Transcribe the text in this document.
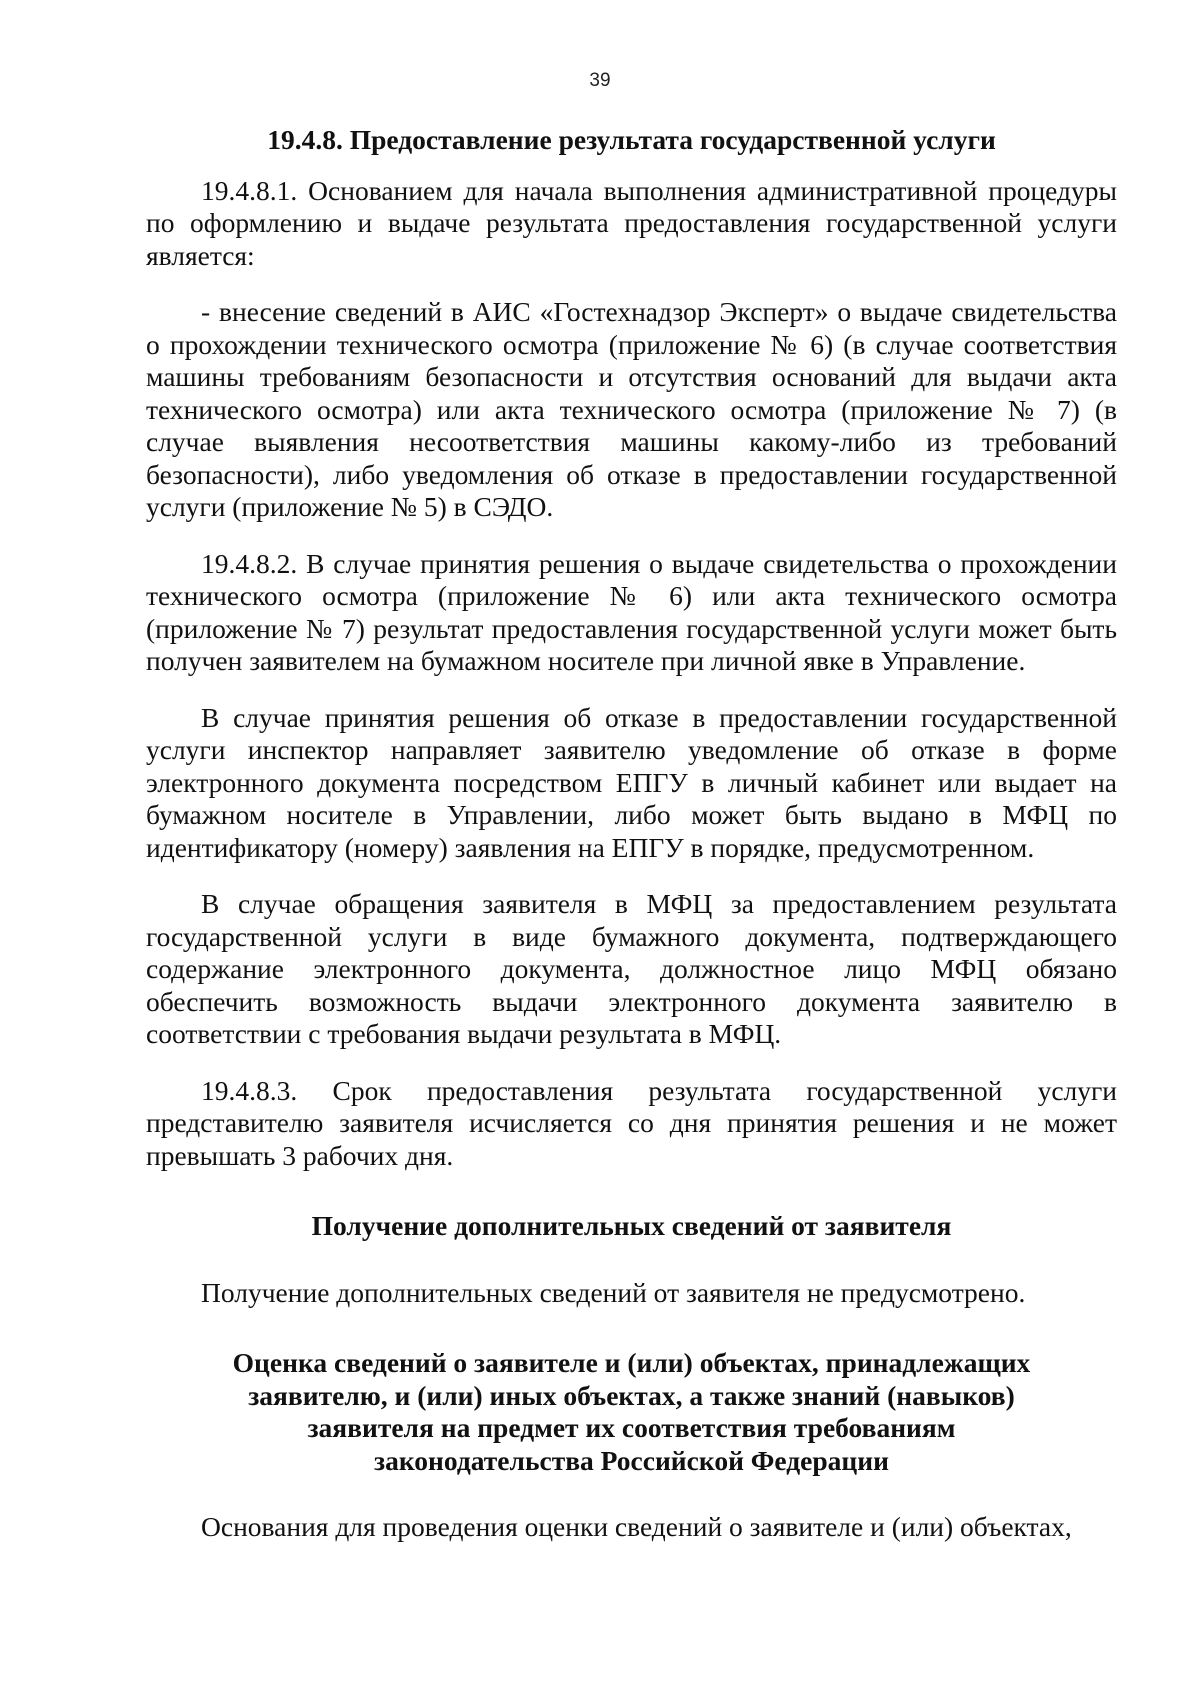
39
19.4.8. Предоставление результата государственной услуги

19.4.8.1. Основанием для начала выполнения административной процедуры по оформлению и выдаче результата предоставления государственной услуги является:

- внесение сведений в АИС «Гостехнадзор Эксперт» о выдаче свидетельства о прохождении технического осмотра (приложение № 6) (в случае соответствия машины требованиям безопасности и отсутствия оснований для выдачи акта технического осмотра) или акта технического осмотра (приложение № 7) (в случае выявления несоответствия машины какому-либо из требований безопасности), либо уведомления об отказе в предоставлении государственной услуги (приложение № 5) в СЭДО.

19.4.8.2. В случае принятия решения о выдаче свидетельства о прохождении технического осмотра (приложение № 6) или акта технического осмотра (приложение № 7) результат предоставления государственной услуги может быть получен заявителем на бумажном носителе при личной явке в Управление.

В случае принятия решения об отказе в предоставлении государственной услуги инспектор направляет заявителю уведомление об отказе в форме электронного документа посредством ЕПГУ в личный кабинет или выдает на бумажном носителе в Управлении, либо может быть выдано в МФЦ по идентификатору (номеру) заявления на ЕПГУ в порядке, предусмотренном.

В случае обращения заявителя в МФЦ за предоставлением результата государственной услуги в виде бумажного документа, подтверждающего содержание электронного документа, должностное лицо МФЦ обязано обеспечить возможность выдачи электронного документа заявителю в соответствии с требования выдачи результата в МФЦ.

19.4.8.3. Срок предоставления результата государственной услуги представителю заявителя исчисляется со дня принятия решения и не может превышать 3 рабочих дня.

Получение дополнительных сведений от заявителя

Получение дополнительных сведений от заявителя не предусмотрено.

Оценка сведений о заявителе и (или) объектах, принадлежащих
заявителю, и (или) иных объектах, а также знаний (навыков)
заявителя на предмет их соответствия требованиям
законодательства Российской Федерации

Основания для проведения оценки сведений о заявителе и (или) объектах,
